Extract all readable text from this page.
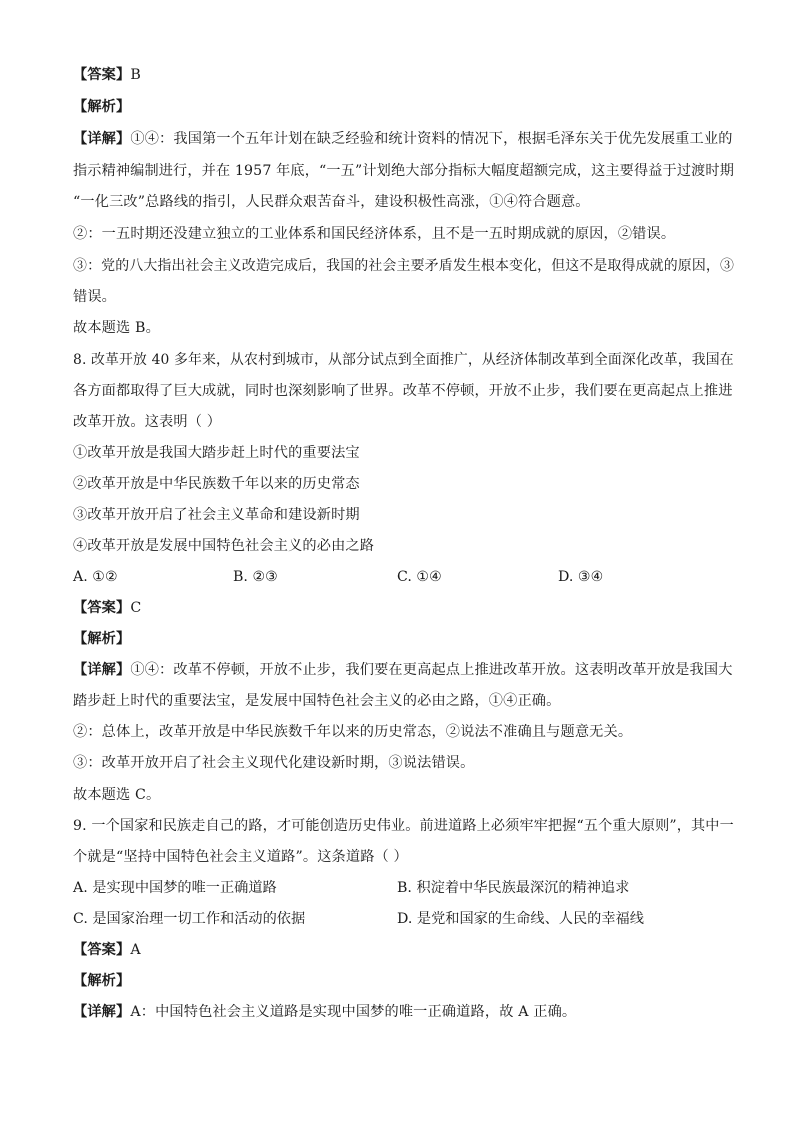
【答案】B
【解析】
【详解】①④：我国第一个五年计划在缺乏经验和统计资料的情况下，根据毛泽东关于优先发展重工业的
指示精神编制进行，并在 1957 年底，“一五”计划绝大部分指标大幅度超额完成，这主要得益于过渡时期
“一化三改”总路线的指引，人民群众艰苦奋斗，建设积极性高涨，①④符合题意。
②：一五时期还没建立独立的工业体系和国民经济体系，且不是一五时期成就的原因，②错误。
③：党的八大指出社会主义改造完成后，我国的社会主要矛盾发生根本变化，但这不是取得成就的原因，③
错误。
故本题选 B。
8. 改革开放 40 多年来，从农村到城市，从部分试点到全面推广，从经济体制改革到全面深化改革，我国在
各方面都取得了巨大成就，同时也深刻影响了世界。改革不停顿，开放不止步，我们要在更高起点上推进
改革开放。这表明（ ）
①改革开放是我国大踏步赶上时代的重要法宝
②改革开放是中华民族数千年以来的历史常态
③改革开放开启了社会主义革命和建设新时期
④改革开放是发展中国特色社会主义的必由之路
A. ①②	B. ②③	C. ①④	D. ③④
【答案】C
【解析】
【详解】①④：改革不停顿，开放不止步，我们要在更高起点上推进改革开放。这表明改革开放是我国大
踏步赶上时代的重要法宝，是发展中国特色社会主义的必由之路，①④正确。
②：总体上，改革开放是中华民族数千年以来的历史常态，②说法不准确且与题意无关。
③：改革开放开启了社会主义现代化建设新时期，③说法错误。
故本题选 C。
9. 一个国家和民族走自己的路，才可能创造历史伟业。前进道路上必须牢牢把握“五个重大原则”，其中一
个就是“坚持中国特色社会主义道路”。这条道路（ ）
A. 是实现中国梦的唯一正确道路	B. 积淀着中华民族最深沉的精神追求
C. 是国家治理一切工作和活动的依据	D. 是党和国家的生命线、人民的幸福线
【答案】A
【解析】
【详解】A：中国特色社会主义道路是实现中国梦的唯一正确道路，故 A 正确。
